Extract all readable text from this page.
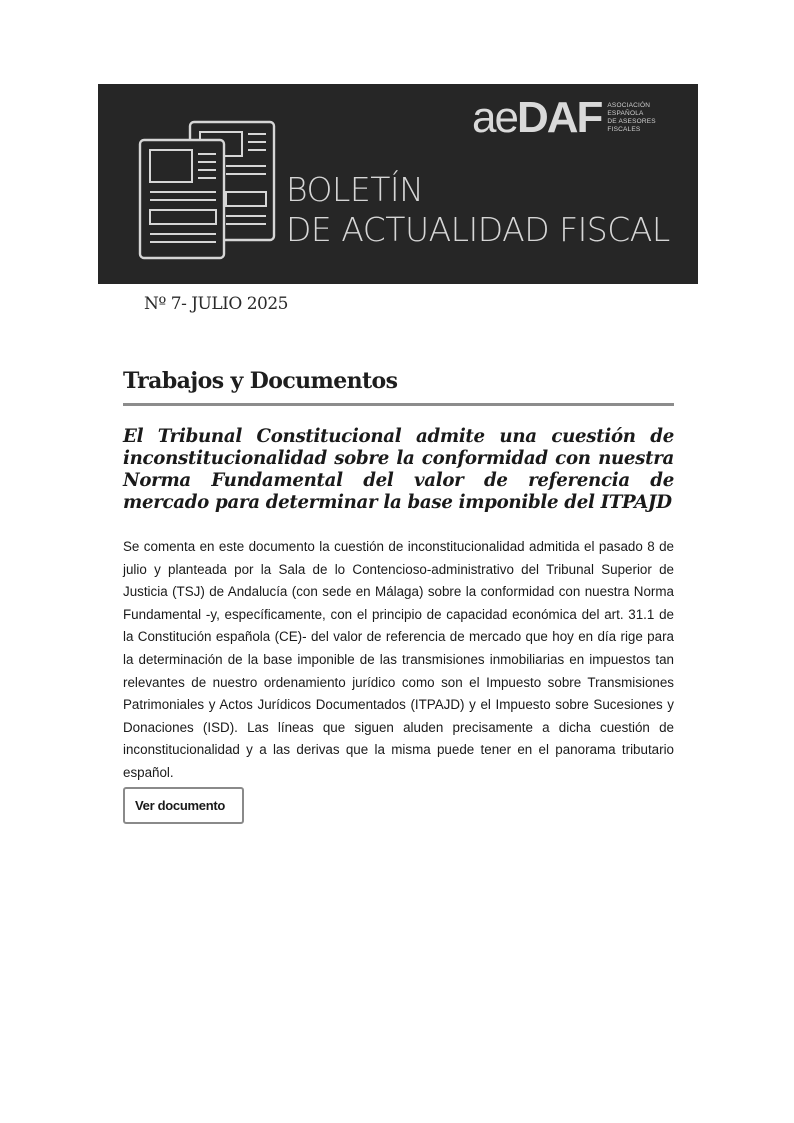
aeDAF ASOCIACIÓN
ESPAÑOLA
DE ASESORES
FISCALES
BOLETÍN
DE ACTUALIDAD FISCAL
Nº 7- JULIO 2025
Trabajos y Documentos
El Tribunal Constitucional admite una cuestión de inconstitucionalidad sobre la conformidad con nuestra Norma Fundamental del valor de referencia de mercado para determinar la base imponible del ITPAJD
Se comenta en este documento la cuestión de inconstitucionalidad admitida el pasado 8 de julio y planteada por la Sala de lo Contencioso-administrativo del Tribunal Superior de Justicia (TSJ) de Andalucía (con sede en Málaga) sobre la conformidad con nuestra Norma Fundamental -y, específicamente, con el principio de capacidad económica del art. 31.1 de la Constitución española (CE)- del valor de referencia de mercado que hoy en día rige para la determinación de la base imponible de las transmisiones inmobiliarias en impuestos tan relevantes de nuestro ordenamiento jurídico como son el Impuesto sobre Transmisiones Patrimoniales y Actos Jurídicos Documentados (ITPAJD) y el Impuesto sobre Sucesiones y Donaciones (ISD). Las líneas que siguen aluden precisamente a dicha cuestión de inconstitucionalidad y a las derivas que la misma puede tener en el panorama tributario español.
Ver documento
